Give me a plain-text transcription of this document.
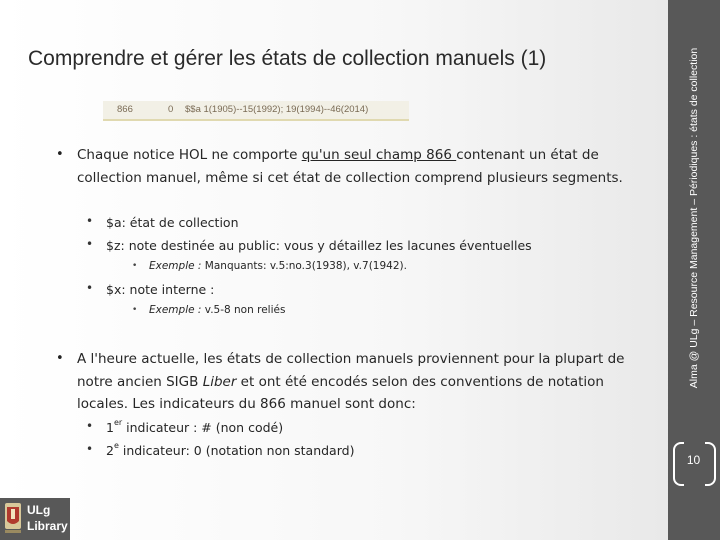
Alma @ ULg – Resource Management – Périodiques : états de collection
10
Comprendre et gérer les états de collection manuels (1)
866	0 $$a 1(1905)--15(1992); 19(1994)--46(2014)
• Chaque notice HOL ne comporte qu'un seul champ 866 contenant un état de collection manuel, même si cet état de collection comprend plusieurs segments.
• $a: état de collection
• $z: note destinée au public: vous y détaillez les lacunes éventuelles
• Exemple : Manquants: v.5:no.3(1938), v.7(1942).
• $x: note interne :
• Exemple : v.5-8 non reliés
• A l'heure actuelle, les états de collection manuels proviennent pour la plupart de notre ancien SIGB Liber et ont été encodés selon des conventions de notation locales. Les indicateurs du 866 manuel sont donc:
• 1er indicateur : # (non codé)
• 2e indicateur: 0 (notation non standard)
ULg
Library
